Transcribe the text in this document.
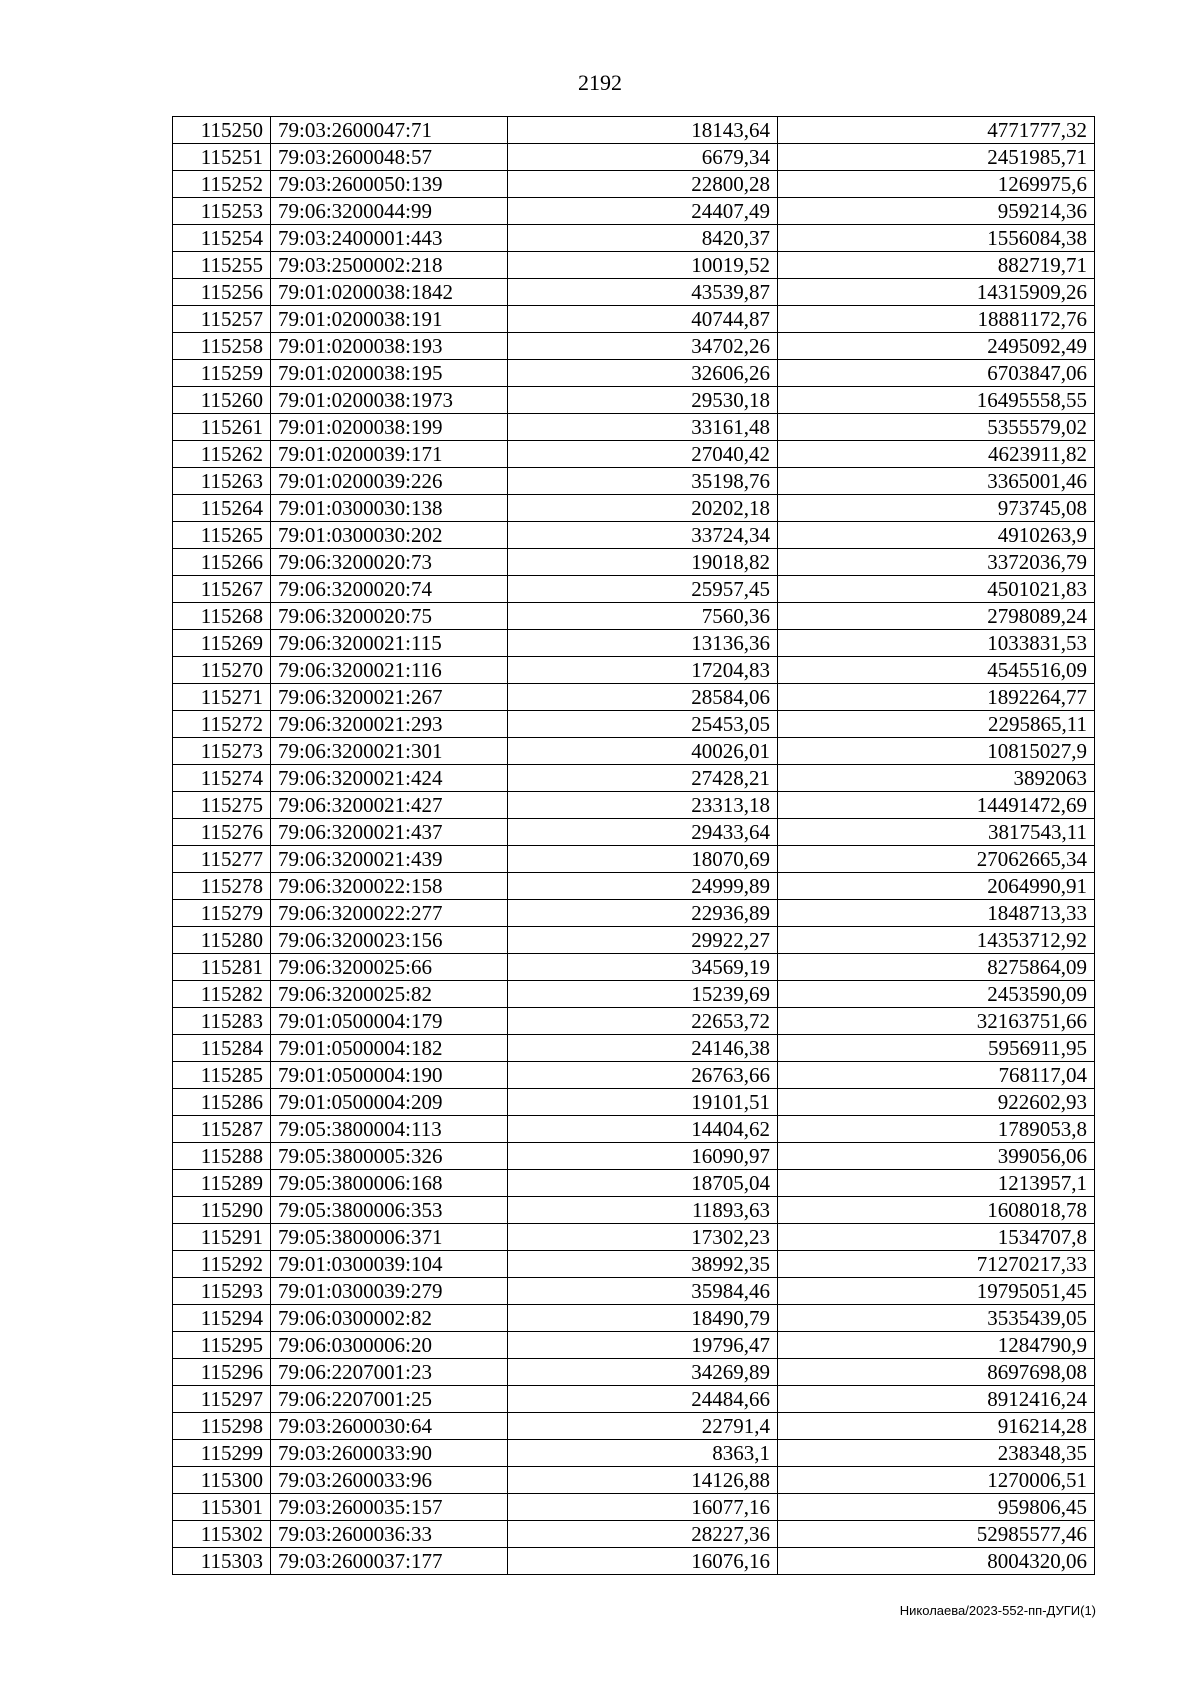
2192
115250	79:03:2600047:71	18143,64	4771777,32
115251	79:03:2600048:57	6679,34	2451985,71
115252	79:03:2600050:139	22800,28	1269975,6
115253	79:06:3200044:99	24407,49	959214,36
115254	79:03:2400001:443	8420,37	1556084,38
115255	79:03:2500002:218	10019,52	882719,71
115256	79:01:0200038:1842	43539,87	14315909,26
115257	79:01:0200038:191	40744,87	18881172,76
115258	79:01:0200038:193	34702,26	2495092,49
115259	79:01:0200038:195	32606,26	6703847,06
115260	79:01:0200038:1973	29530,18	16495558,55
115261	79:01:0200038:199	33161,48	5355579,02
115262	79:01:0200039:171	27040,42	4623911,82
115263	79:01:0200039:226	35198,76	3365001,46
115264	79:01:0300030:138	20202,18	973745,08
115265	79:01:0300030:202	33724,34	4910263,9
115266	79:06:3200020:73	19018,82	3372036,79
115267	79:06:3200020:74	25957,45	4501021,83
115268	79:06:3200020:75	7560,36	2798089,24
115269	79:06:3200021:115	13136,36	1033831,53
115270	79:06:3200021:116	17204,83	4545516,09
115271	79:06:3200021:267	28584,06	1892264,77
115272	79:06:3200021:293	25453,05	2295865,11
115273	79:06:3200021:301	40026,01	10815027,9
115274	79:06:3200021:424	27428,21	3892063
115275	79:06:3200021:427	23313,18	14491472,69
115276	79:06:3200021:437	29433,64	3817543,11
115277	79:06:3200021:439	18070,69	27062665,34
115278	79:06:3200022:158	24999,89	2064990,91
115279	79:06:3200022:277	22936,89	1848713,33
115280	79:06:3200023:156	29922,27	14353712,92
115281	79:06:3200025:66	34569,19	8275864,09
115282	79:06:3200025:82	15239,69	2453590,09
115283	79:01:0500004:179	22653,72	32163751,66
115284	79:01:0500004:182	24146,38	5956911,95
115285	79:01:0500004:190	26763,66	768117,04
115286	79:01:0500004:209	19101,51	922602,93
115287	79:05:3800004:113	14404,62	1789053,8
115288	79:05:3800005:326	16090,97	399056,06
115289	79:05:3800006:168	18705,04	1213957,1
115290	79:05:3800006:353	11893,63	1608018,78
115291	79:05:3800006:371	17302,23	1534707,8
115292	79:01:0300039:104	38992,35	71270217,33
115293	79:01:0300039:279	35984,46	19795051,45
115294	79:06:0300002:82	18490,79	3535439,05
115295	79:06:0300006:20	19796,47	1284790,9
115296	79:06:2207001:23	34269,89	8697698,08
115297	79:06:2207001:25	24484,66	8912416,24
115298	79:03:2600030:64	22791,4	916214,28
115299	79:03:2600033:90	8363,1	238348,35
115300	79:03:2600033:96	14126,88	1270006,51
115301	79:03:2600035:157	16077,16	959806,45
115302	79:03:2600036:33	28227,36	52985577,46
115303	79:03:2600037:177	16076,16	8004320,06
Николаева/2023-552-пп-ДУГИ(1)
